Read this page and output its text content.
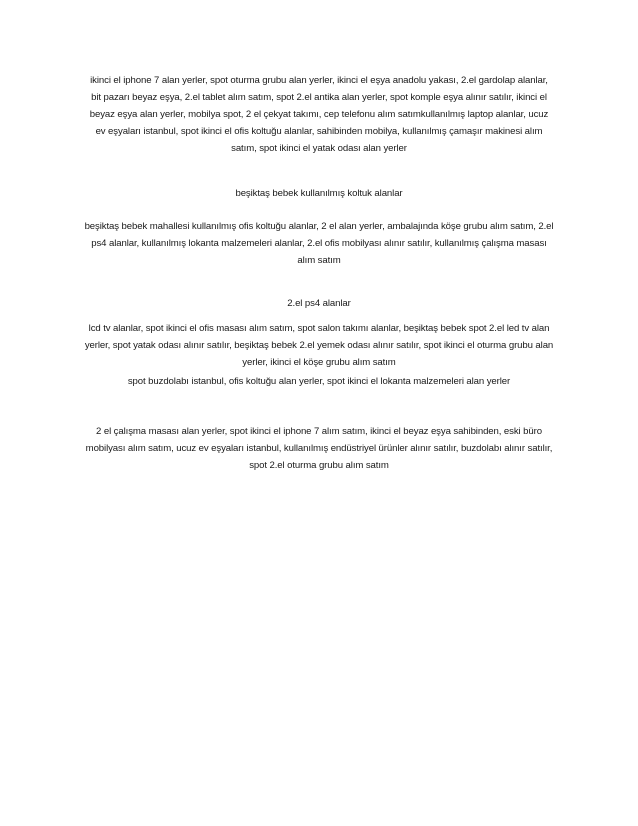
ikinci el iphone 7 alan yerler, spot oturma grubu alan yerler, ikinci el eşya anadolu yakası, 2.el gardolap alanlar, bit pazarı beyaz eşya, 2.el tablet alım satım, spot 2.el antika alan yerler, spot komple eşya alınır satılır, ikinci el beyaz eşya alan yerler, mobilya spot, 2 el çekyat takımı, cep telefonu alım satımkullanılmış laptop alanlar, ucuz ev eşyaları istanbul, spot ikinci el ofis koltuğu alanlar, sahibinden mobilya, kullanılmış çamaşır makinesi alım satım, spot ikinci el yatak odası alan yerler

beşiktaş bebek kullanılmış koltuk alanlar

beşiktaş bebek mahallesi kullanılmış ofis koltuğu alanlar, 2 el alan yerler, ambalajında köşe grubu alım satım, 2.el ps4 alanlar, kullanılmış lokanta malzemeleri alanlar, 2.el ofis mobilyası alınır satılır, kullanılmış çalışma masası alım satım

2.el ps4 alanlar

lcd tv alanlar, spot ikinci el ofis masası alım satım, spot salon takımı alanlar, beşiktaş bebek spot 2.el led tv alan yerler, spot yatak odası alınır satılır, beşiktaş bebek 2.el yemek odası alınır satılır, spot ikinci el oturma grubu alan yerler, ikinci el köşe grubu alım satım

spot buzdolabı istanbul, ofis koltuğu alan yerler, spot ikinci el lokanta malzemeleri alan yerler

2 el çalışma masası alan yerler, spot ikinci el iphone 7 alım satım, ikinci el beyaz eşya sahibinden, eski büro mobilyası alım satım, ucuz ev eşyaları istanbul, kullanılmış endüstriyel ürünler alınır satılır, buzdolabı alınır satılır, spot 2.el oturma grubu alım satım
